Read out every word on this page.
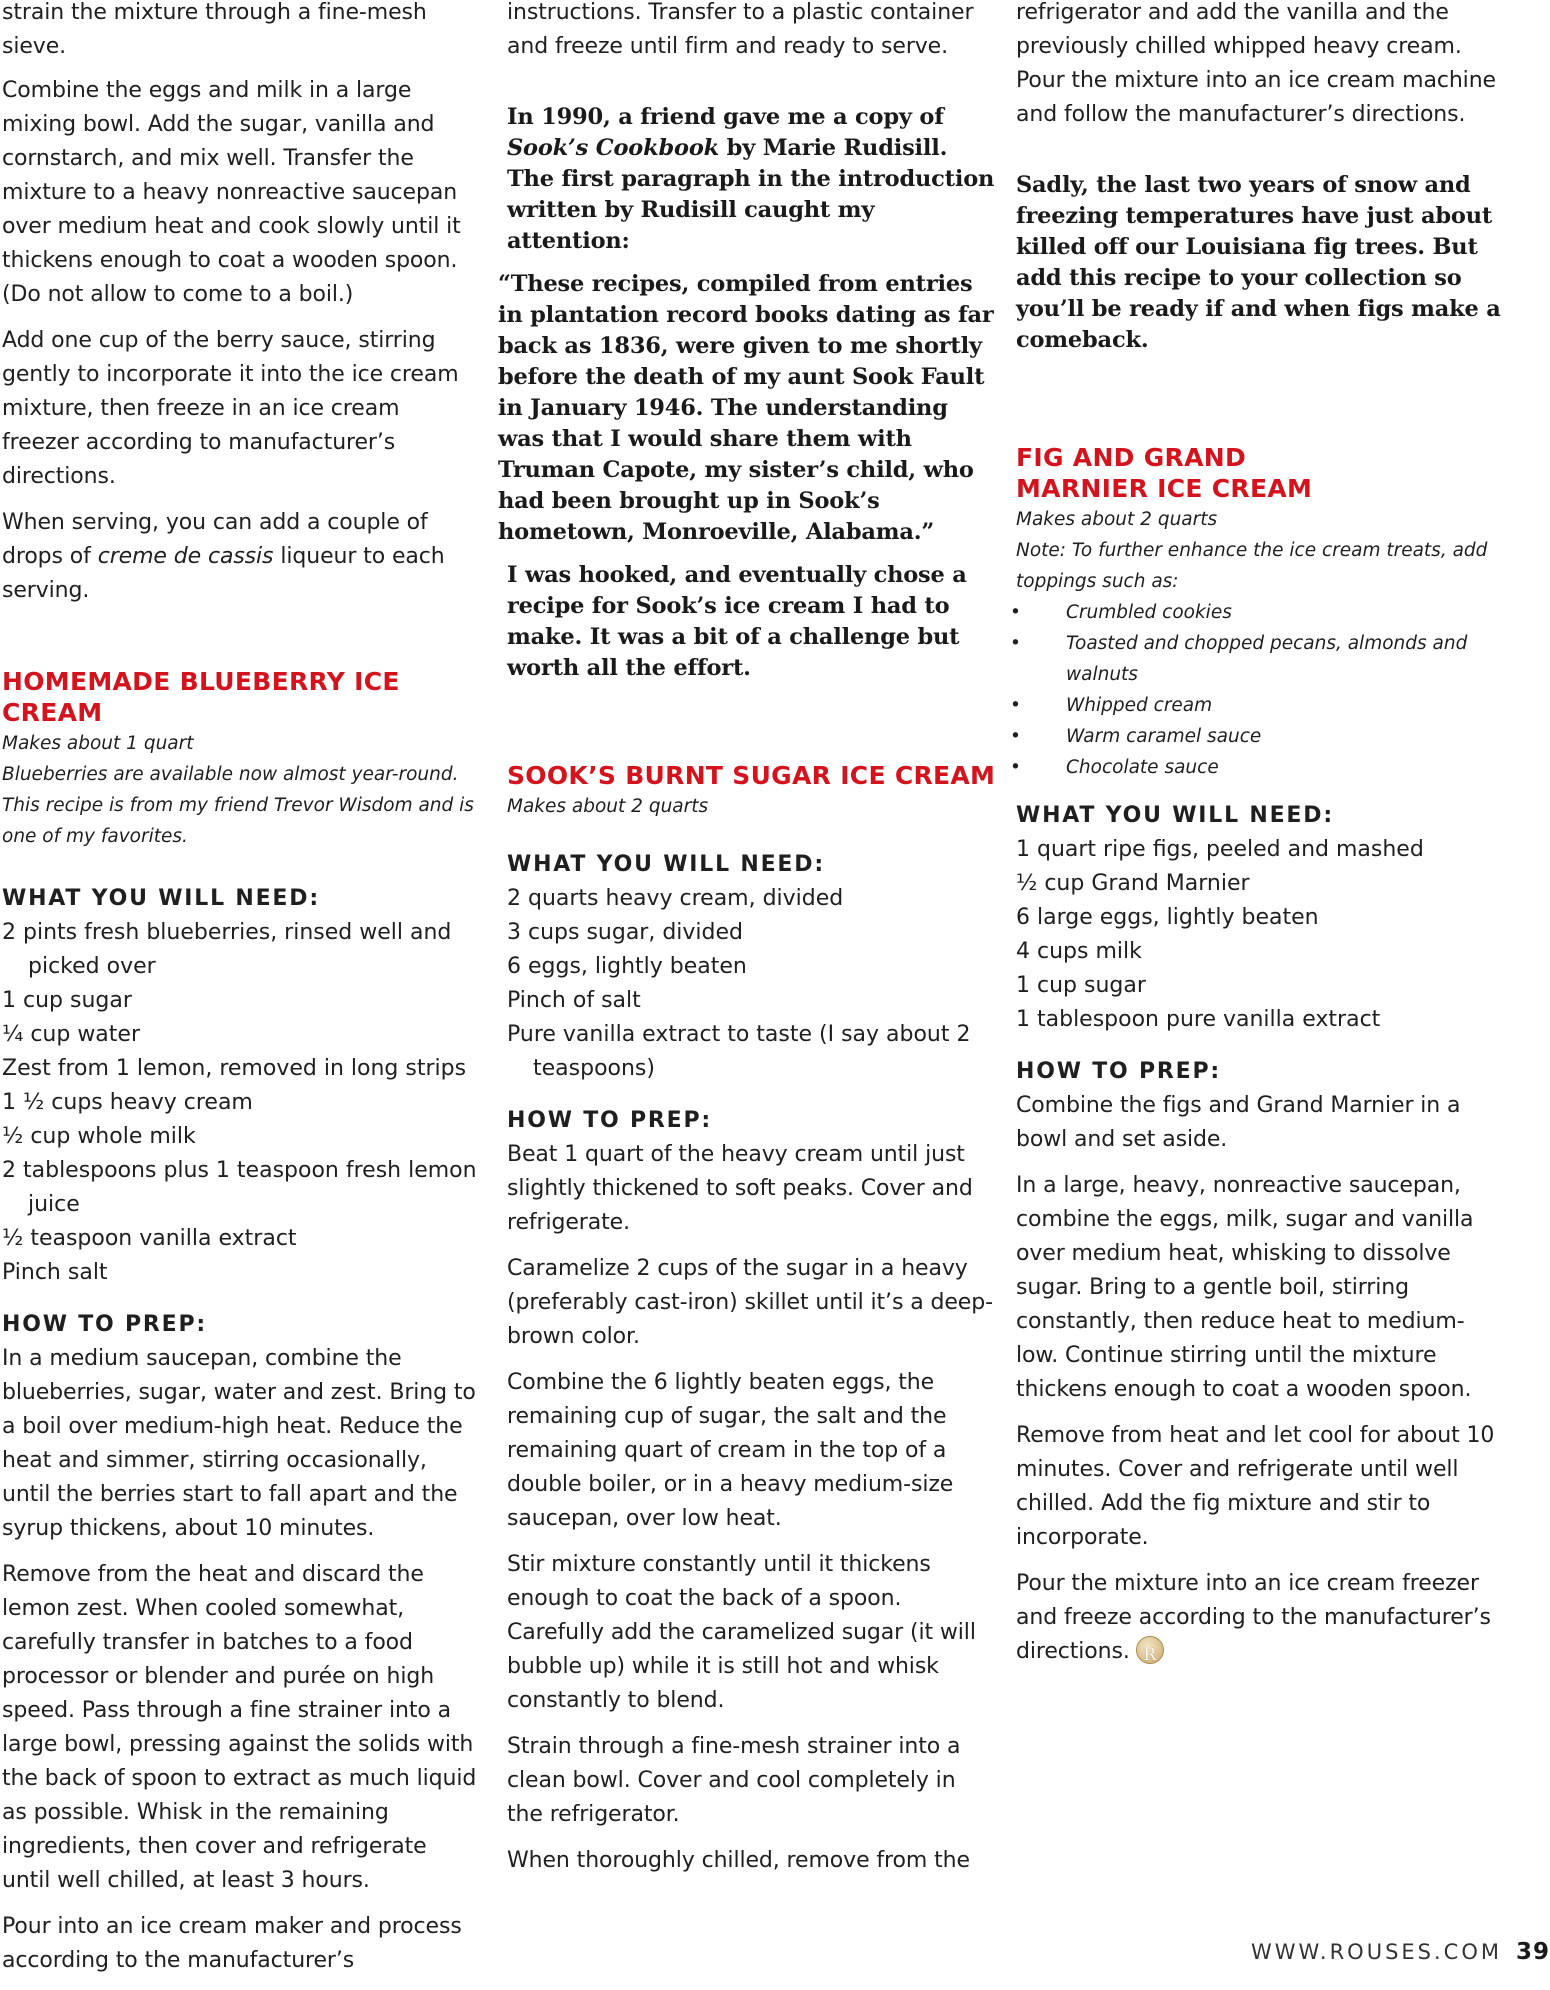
strain the mixture through a fine-mesh sieve.

Combine the eggs and milk in a large mixing bowl. Add the sugar, vanilla and cornstarch, and mix well. Transfer the mixture to a heavy nonreactive saucepan over medium heat and cook slowly until it thickens enough to coat a wooden spoon. (Do not allow to come to a boil.)

Add one cup of the berry sauce, stirring gently to incorporate it into the ice cream mixture, then freeze in an ice cream freezer according to manufacturer’s directions.

When serving, you can add a couple of drops of creme de cassis liqueur to each serving.

HOMEMADE BLUEBERRY ICE CREAM

Makes about 1 quart

Blueberries are available now almost year-round. This recipe is from my friend Trevor Wisdom and is one of my favorites.

WHAT YOU WILL NEED:

2 pints fresh blueberries, rinsed well and picked over

1 cup sugar

¼ cup water

Zest from 1 lemon, removed in long strips

1 ½ cups heavy cream

½ cup whole milk

2 tablespoons plus 1 teaspoon fresh lemon juice

½ teaspoon vanilla extract

Pinch salt

HOW TO PREP:

In a medium saucepan, combine the blueberries, sugar, water and zest. Bring to a boil over medium-high heat. Reduce the heat and simmer, stirring occasionally, until the berries start to fall apart and the syrup thickens, about 10 minutes.

Remove from the heat and discard the lemon zest. When cooled somewhat, carefully transfer in batches to a food processor or blender and purée on high speed. Pass through a fine strainer into a large bowl, pressing against the solids with the back of spoon to extract as much liquid as possible. Whisk in the remaining ingredients, then cover and refrigerate until well chilled, at least 3 hours.

Pour into an ice cream maker and process according to the manufacturer’s

instructions. Transfer to a plastic container and freeze until firm and ready to serve.

In 1990, a friend gave me a copy of Sook’s Cookbook by Marie Rudisill. The first paragraph in the introduction written by Rudisill caught my attention:

“These recipes, compiled from entries in plantation record books dating as far back as 1836, were given to me shortly before the death of my aunt Sook Fault in January 1946. The understanding was that I would share them with Truman Capote, my sister’s child, who had been brought up in Sook’s hometown, Monroeville, Alabama.”

I was hooked, and eventually chose a recipe for Sook’s ice cream I had to make. It was a bit of a challenge but worth all the effort.

SOOK’S BURNT SUGAR ICE CREAM

Makes about 2 quarts

WHAT YOU WILL NEED:

2 quarts heavy cream, divided

3 cups sugar, divided

6 eggs, lightly beaten

Pinch of salt

Pure vanilla extract to taste (I say about 2 teaspoons)

HOW TO PREP:

Beat 1 quart of the heavy cream until just slightly thickened to soft peaks. Cover and refrigerate.

Caramelize 2 cups of the sugar in a heavy (preferably cast-iron) skillet until it’s a deep-brown color.

Combine the 6 lightly beaten eggs, the remaining cup of sugar, the salt and the remaining quart of cream in the top of a double boiler, or in a heavy medium-size saucepan, over low heat.

Stir mixture constantly until it thickens enough to coat the back of a spoon. Carefully add the caramelized sugar (it will bubble up) while it is still hot and whisk constantly to blend.

Strain through a fine-mesh strainer into a clean bowl. Cover and cool completely in the refrigerator.

When thoroughly chilled, remove from the

refrigerator and add the vanilla and the previously chilled whipped heavy cream. Pour the mixture into an ice cream machine and follow the manufacturer’s directions.

Sadly, the last two years of snow and freezing temperatures have just about killed off our Louisiana fig trees. But add this recipe to your collection so you’ll be ready if and when figs make a comeback.

FIG AND GRAND
MARNIER ICE CREAM

Makes about 2 quarts

Note: To further enhance the ice cream treats, add toppings such as:

• Crumbled cookies
• Toasted and chopped pecans, almonds and walnuts
• Whipped cream
• Warm caramel sauce
• Chocolate sauce
WHAT YOU WILL NEED:

1 quart ripe figs, peeled and mashed

½ cup Grand Marnier

6 large eggs, lightly beaten

4 cups milk

1 cup sugar

1 tablespoon pure vanilla extract

HOW TO PREP:

Combine the figs and Grand Marnier in a bowl and set aside.

In a large, heavy, nonreactive saucepan, combine the eggs, milk, sugar and vanilla over medium heat, whisking to dissolve sugar. Bring to a gentle boil, stirring constantly, then reduce heat to medium-low. Continue stirring until the mixture thickens enough to coat a wooden spoon.

Remove from heat and let cool for about 10 minutes. Cover and refrigerate until well chilled. Add the fig mixture and stir to incorporate.

Pour the mixture into an ice cream freezer and freeze according to the manufacturer’s directions. R

WWW.ROUSES.COM 39
